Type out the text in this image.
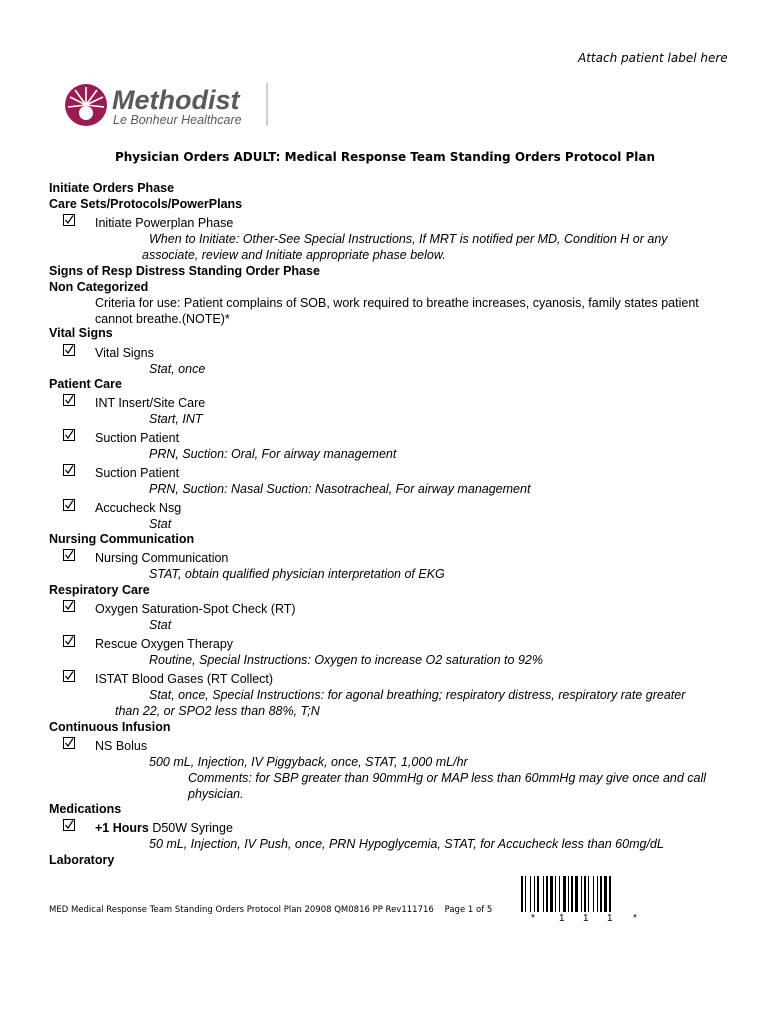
Attach patient label here
Methodist
Le Bonheur Healthcare
Physician Orders ADULT: Medical Response Team Standing Orders Protocol Plan
Initiate Orders Phase
Care Sets/Protocols/PowerPlans
Initiate Powerplan Phase
When to Initiate: Other-See Special Instructions, If MRT is notified per MD, Condition H or any
associate, review and Initiate appropriate phase below.
Signs of Resp Distress Standing Order Phase
Non Categorized
Criteria for use: Patient complains of SOB, work required to breathe increases, cyanosis, family states patient
cannot breathe.(NOTE)*
Vital Signs
Vital Signs
Stat, once
Patient Care
INT Insert/Site Care
Start, INT
Suction Patient
PRN, Suction: Oral, For airway management
Suction Patient
PRN, Suction: Nasal Suction: Nasotracheal, For airway management
Accucheck Nsg
Stat
Nursing Communication
Nursing Communication
STAT, obtain qualified physician interpretation of EKG
Respiratory Care
Oxygen Saturation-Spot Check (RT)
Stat
Rescue Oxygen Therapy
Routine, Special Instructions: Oxygen to increase O2 saturation to 92%
ISTAT Blood Gases (RT Collect)
Stat, once, Special Instructions: for agonal breathing; respiratory distress, respiratory rate greater
than 22, or SPO2 less than 88%, T;N
Continuous Infusion
NS Bolus
500 mL, Injection, IV Piggyback, once, STAT, 1,000 mL/hr
Comments: for SBP greater than 90mmHg or MAP less than 60mmHg may give once and call
physician.
Medications
+1 Hours D50W Syringe
50 mL, Injection, IV Push, once, PRN Hypoglycemia, STAT, for Accucheck less than 60mg/dL
Laboratory
MED Medical Response Team Standing Orders Protocol Plan 20908 QM0816 PP Rev111716 Page 1 of 5
* 1 1 1 *
